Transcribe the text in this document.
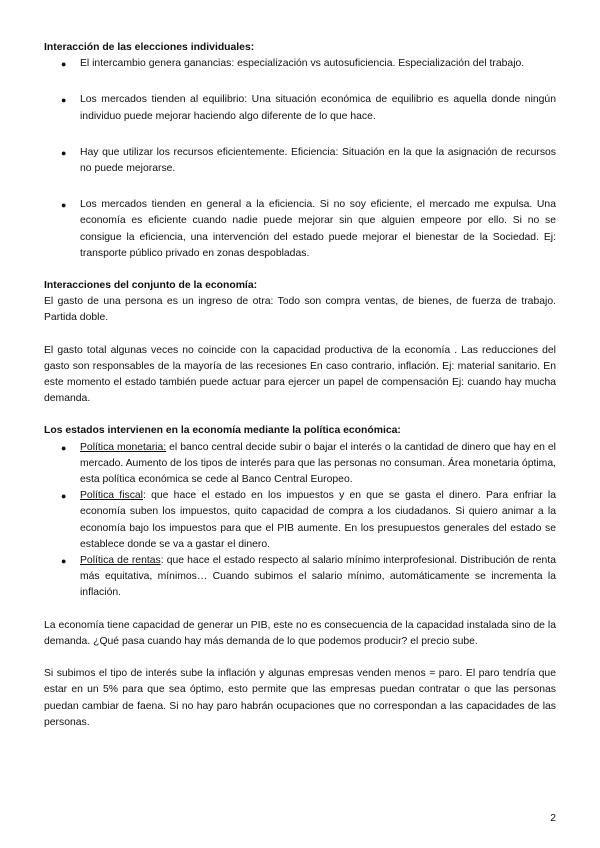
Interacción de las elecciones individuales:
● El intercambio genera ganancias: especialización vs autosuficiencia. Especialización del trabajo.
● Los mercados tienden al equilibrio: Una situación económica de equilibrio es aquella donde ningún individuo puede mejorar haciendo algo diferente de lo que hace.
● Hay que utilizar los recursos eficientemente. Eficiencia: Situación en la que la asignación de recursos no puede mejorarse.
● Los mercados tienden en general a la eficiencia. Si no soy eficiente, el mercado me expulsa. Una economía es eficiente cuando nadie puede mejorar sin que alguien empeore por ello. Si no se consigue la eficiencia, una intervención del estado puede mejorar el bienestar de la Sociedad. Ej: transporte público privado en zonas despobladas.
Interacciones del conjunto de la economía:

El gasto de una persona es un ingreso de otra: Todo son compra ventas, de bienes, de fuerza de trabajo. Partida doble.

El gasto total algunas veces no coincide con la capacidad productiva de la economía . Las reducciones del gasto son responsables de la mayoría de las recesiones En caso contrario, inflación. Ej: material sanitario. En este momento el estado también puede actuar para ejercer un papel de compensación Ej: cuando hay mucha demanda.

Los estados intervienen en la economía mediante la política económica:
● Política monetaria: el banco central decide subir o bajar el interés o la cantidad de dinero que hay en el mercado. Aumento de los tipos de interés para que las personas no consuman. Área monetaria óptima, esta política económica se cede al Banco Central Europeo.
● Política fiscal: que hace el estado en los impuestos y en que se gasta el dinero. Para enfriar la economía suben los impuestos, quito capacidad de compra a los ciudadanos. Si quiero animar a la economía bajo los impuestos para que el PIB aumente. En los presupuestos generales del estado se establece donde se va a gastar el dinero.
● Política de rentas: que hace el estado respecto al salario mínimo interprofesional. Distribución de renta más equitativa, mínimos… Cuando subimos el salario mínimo, automáticamente se incrementa la inflación.

La economía tiene capacidad de generar un PIB, este no es consecuencia de la capacidad instalada sino de la demanda. ¿Qué pasa cuando hay más demanda de lo que podemos producir? el precio sube.

Si subimos el tipo de interés sube la inflación y algunas empresas venden menos = paro. El paro tendría que estar en un 5% para que sea óptimo, esto permite que las empresas puedan contratar o que las personas puedan cambiar de faena. Si no hay paro habrán ocupaciones que no correspondan a las capacidades de las personas.

2
